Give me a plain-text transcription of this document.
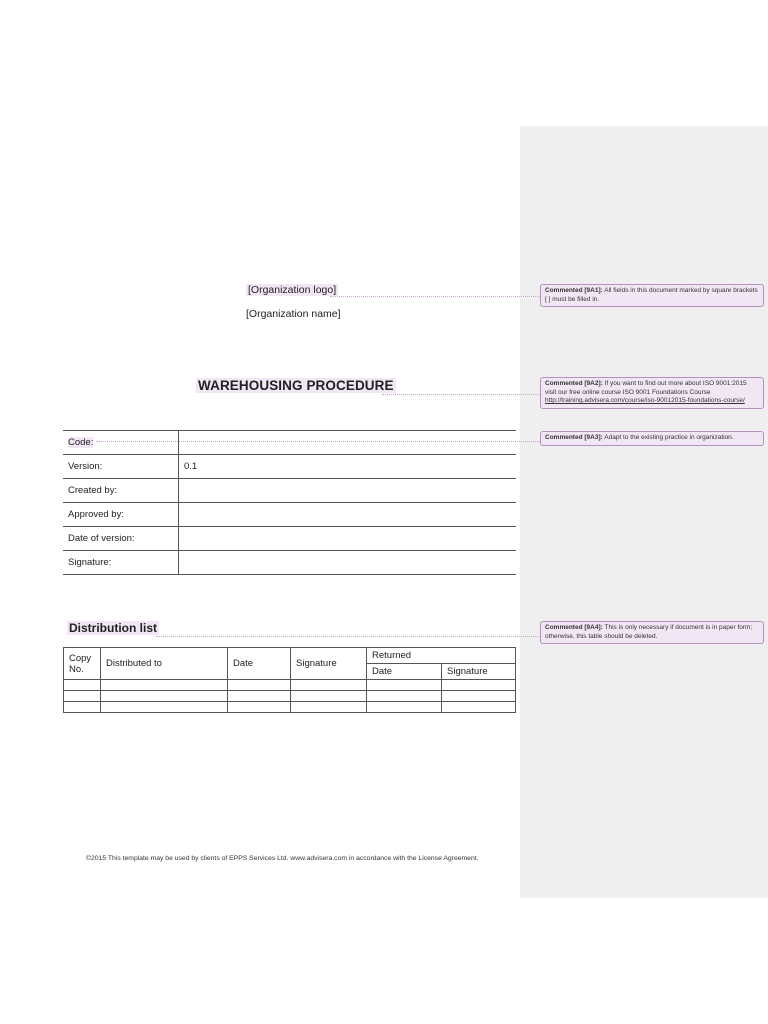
[Organization logo]
[Organization name]
WAREHOUSING PROCEDURE
Code:	
Version:	0.1
Created by:	
Approved by:	
Date of version:	
Signature:	
Distribution list
Copy No.	Distributed to	Date	Signature	Returned	
				Date	Signature

Commented [9A1]: All fields in this document marked by square brackets [ ] must be filled in.
Commented [9A2]: If you want to find out more about ISO 9001:2015 visit our free online course ISO 9001 Foundations Course http://training.advisera.com/course/iso-90012015-foundations-course/
Commented [9A3]: Adapt to the existing practice in organization.
Commented [9A4]: This is only necessary if document is in paper form; otherwise, this table should be deleted.
©2015 This template may be used by clients of EPPS Services Ltd. www.advisera.com in accordance with the License Agreement.
